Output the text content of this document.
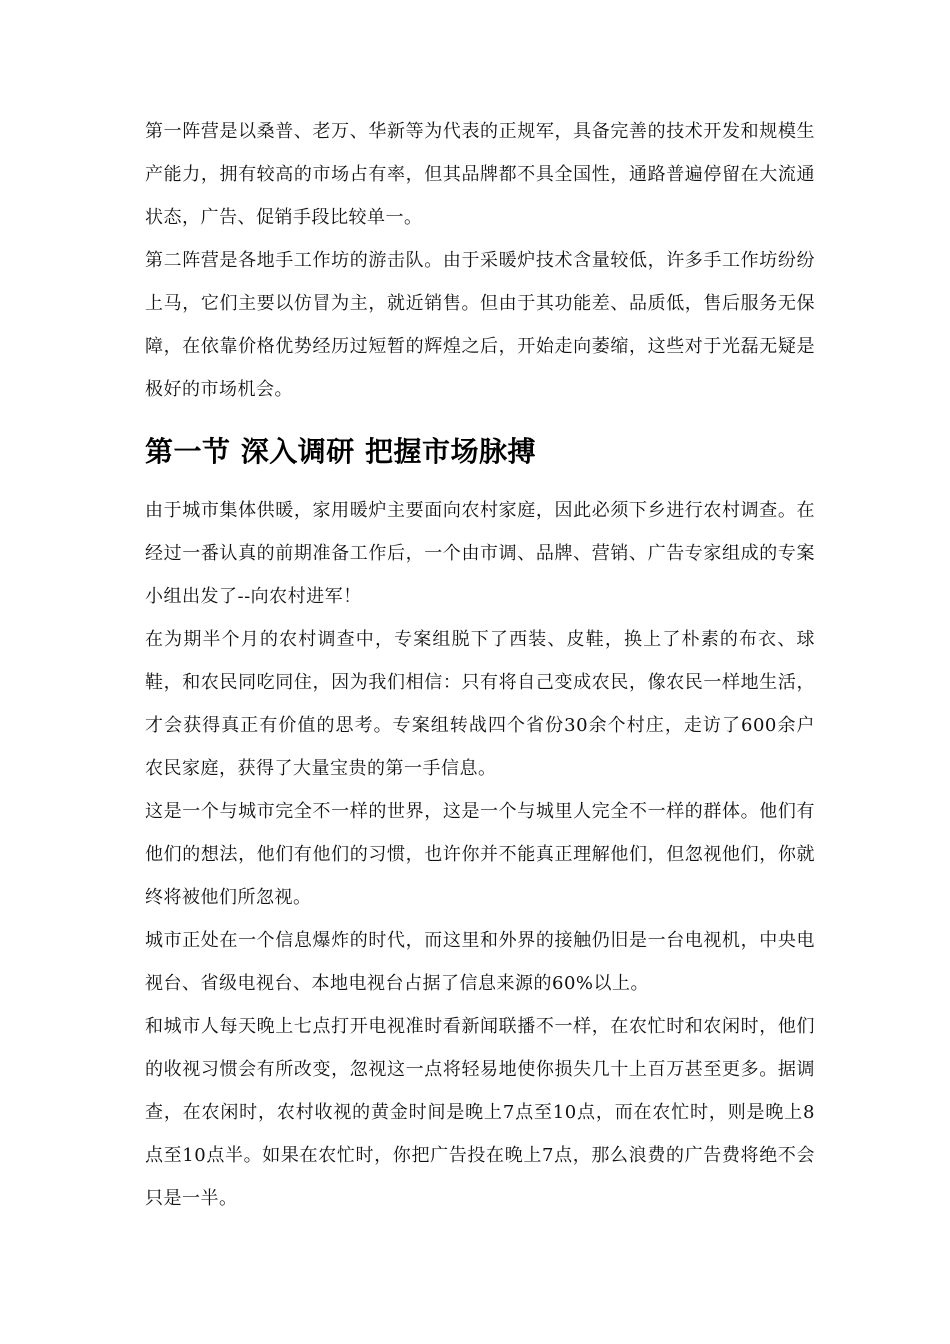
第一阵营是以桑普、老万、华新等为代表的正规军，具备完善的技术开发和规模生产能力，拥有较高的市场占有率，但其品牌都不具全国性，通路普遍停留在大流通状态，广告、促销手段比较单一。

第二阵营是各地手工作坊的游击队。由于采暖炉技术含量较低，许多手工作坊纷纷上马，它们主要以仿冒为主，就近销售。但由于其功能差、品质低，售后服务无保障，在依靠价格优势经历过短暂的辉煌之后，开始走向萎缩，这些对于光磊无疑是极好的市场机会。

第一节 深入调研 把握市场脉搏

由于城市集体供暖，家用暖炉主要面向农村家庭，因此必须下乡进行农村调查。在经过一番认真的前期准备工作后，一个由市调、品牌、营销、广告专家组成的专案小组出发了--向农村进军！

在为期半个月的农村调查中，专案组脱下了西装、皮鞋，换上了朴素的布衣、球鞋，和农民同吃同住，因为我们相信：只有将自己变成农民，像农民一样地生活，才会获得真正有价值的思考。专案组转战四个省份30余个村庄，走访了600余户农民家庭，获得了大量宝贵的第一手信息。

这是一个与城市完全不一样的世界，这是一个与城里人完全不一样的群体。他们有他们的想法，他们有他们的习惯，也许你并不能真正理解他们，但忽视他们，你就终将被他们所忽视。

城市正处在一个信息爆炸的时代，而这里和外界的接触仍旧是一台电视机，中央电视台、省级电视台、本地电视台占据了信息来源的60%以上。

和城市人每天晚上七点打开电视准时看新闻联播不一样，在农忙时和农闲时，他们的收视习惯会有所改变，忽视这一点将轻易地使你损失几十上百万甚至更多。据调查，在农闲时，农村收视的黄金时间是晚上7点至10点，而在农忙时，则是晚上8点至10点半。如果在农忙时，你把广告投在晚上7点，那么浪费的广告费将绝不会只是一半。
